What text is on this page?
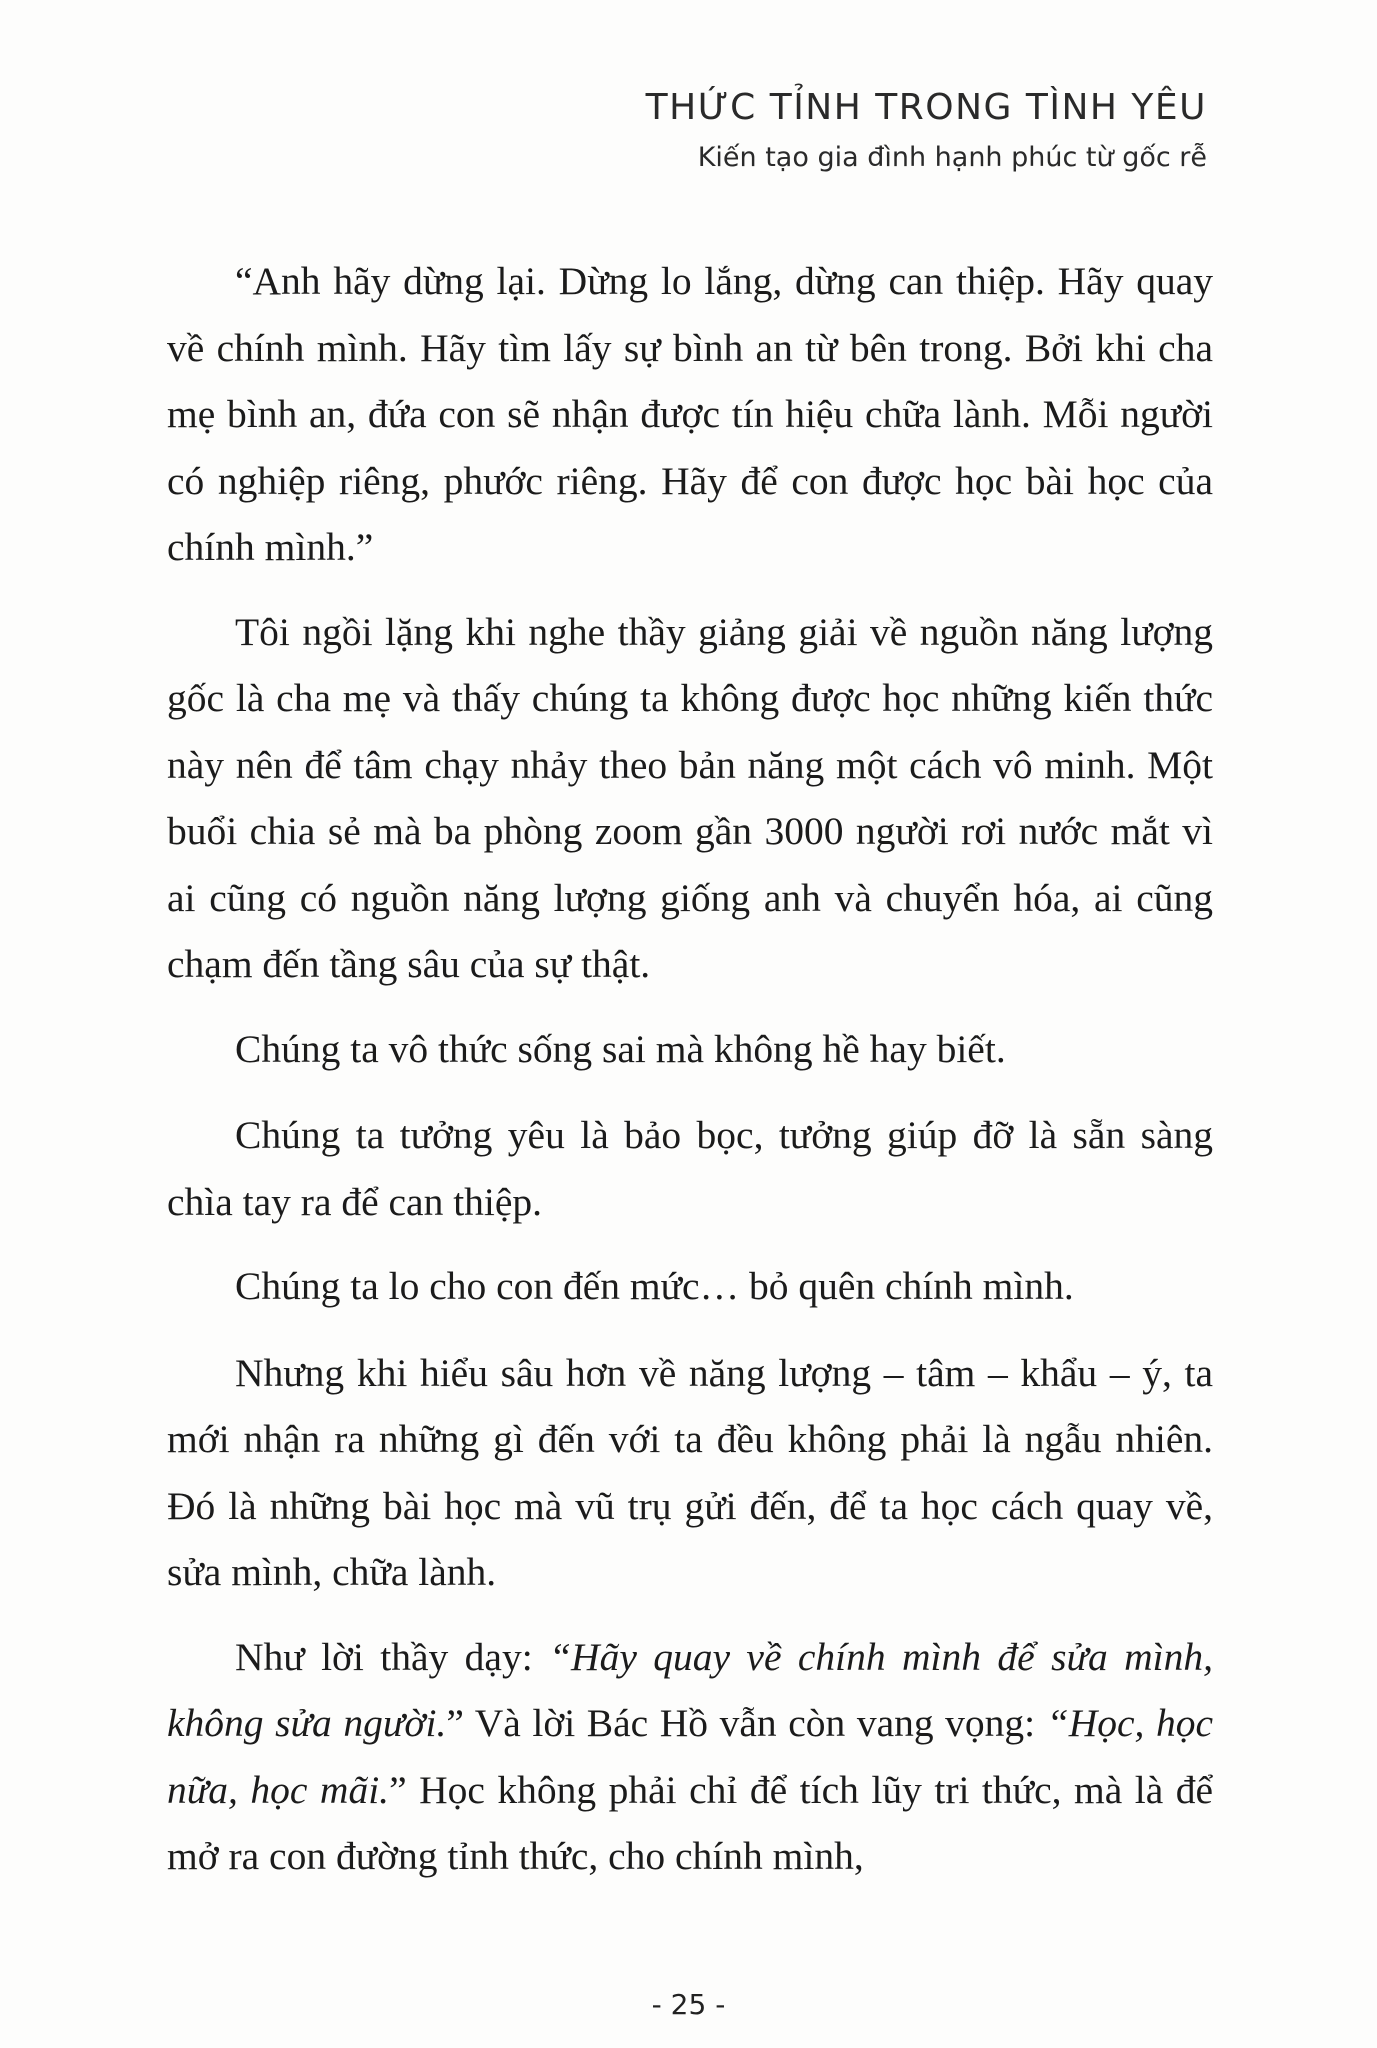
THỨC TỈNH TRONG TÌNH YÊU
Kiến tạo gia đình hạnh phúc từ gốc rễ

“Anh hãy dừng lại. Dừng lo lắng, dừng can thiệp. Hãy quay về chính mình. Hãy tìm lấy sự bình an từ bên trong. Bởi khi cha mẹ bình an, đứa con sẽ nhận được tín hiệu chữa lành. Mỗi người có nghiệp riêng, phước riêng. Hãy để con được học bài học của chính mình.”

Tôi ngồi lặng khi nghe thầy giảng giải về nguồn năng lượng gốc là cha mẹ và thấy chúng ta không được học những kiến thức này nên để tâm chạy nhảy theo bản năng một cách vô minh. Một buổi chia sẻ mà ba phòng zoom gần 3000 người rơi nước mắt vì ai cũng có nguồn năng lượng giống anh và chuyển hóa, ai cũng chạm đến tầng sâu của sự thật.

Chúng ta vô thức sống sai mà không hề hay biết.

Chúng ta tưởng yêu là bảo bọc, tưởng giúp đỡ là sẵn sàng chìa tay ra để can thiệp.

Chúng ta lo cho con đến mức… bỏ quên chính mình.

Nhưng khi hiểu sâu hơn về năng lượng – tâm – khẩu – ý, ta mới nhận ra những gì đến với ta đều không phải là ngẫu nhiên. Đó là những bài học mà vũ trụ gửi đến, để ta học cách quay về, sửa mình, chữa lành.

Như lời thầy dạy: “Hãy quay về chính mình để sửa mình, không sửa người.” Và lời Bác Hồ vẫn còn vang vọng: “Học, học nữa, học mãi.” Học không phải chỉ để tích lũy tri thức, mà là để mở ra con đường tỉnh thức, cho chính mình,

- 25 -
